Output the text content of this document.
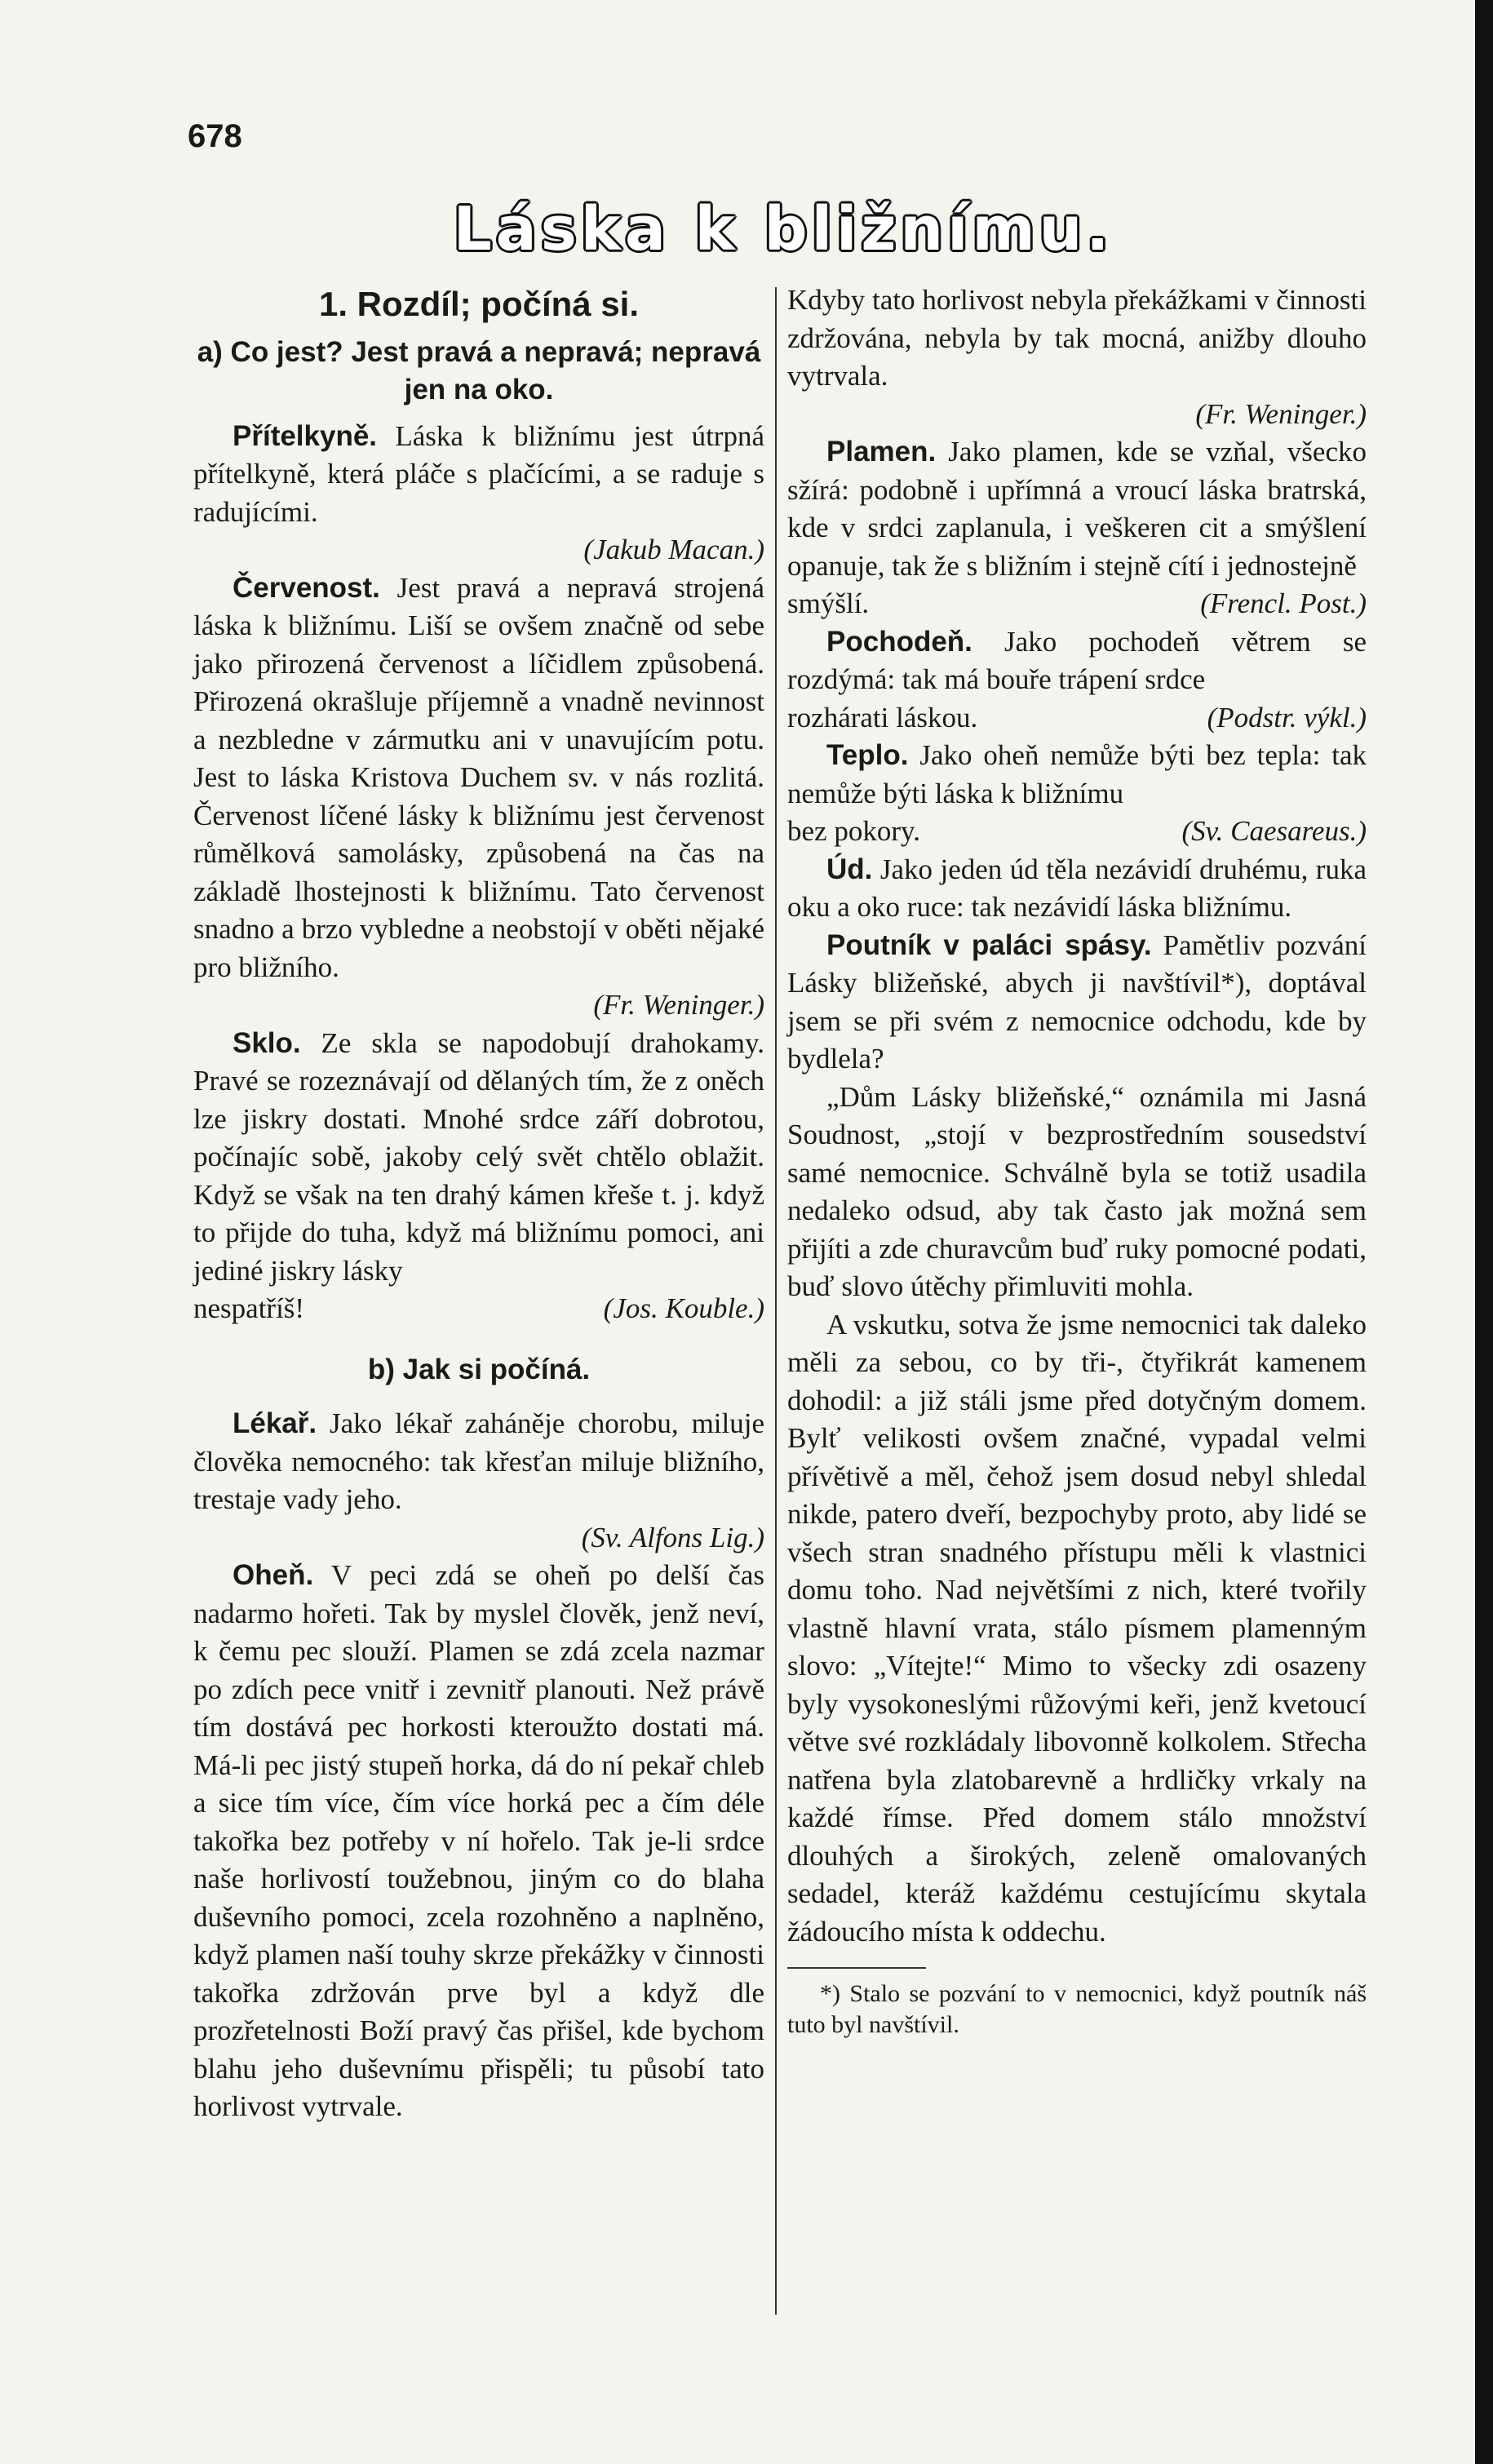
678
Láska k bližnímu.

1. Rozdíl; počíná si.

a) Co jest? Jest pravá a nepravá; nepravá jen na oko.

Přítelkyně. Láska k bližnímu jest útrpná přítelkyně, která pláče s plačícími, a se raduje s radujícími.

(Jakub Macan.)

Červenost. Jest pravá a nepravá strojená láska k bližnímu. Liší se ovšem značně od sebe jako přirozená červenost a líčidlem způsobená. Přirozená okrašluje příjemně a vnadně nevinnost a nezbledne v zármutku ani v unavujícím potu. Jest to láska Kristova Duchem sv. v nás rozlitá. Červenost líčené lásky k bližnímu jest červenost růmělková samolásky, způsobená na čas na základě lhostejnosti k bližnímu. Tato červenost snadno a brzo vybledne a neobstojí v oběti nějaké pro bližního.

(Fr. Weninger.)

Sklo. Ze skla se napodobují drahokamy. Pravé se rozeznávají od dělaných tím, že z oněch lze jiskry dostati. Mnohé srdce září dobrotou, počínajíc sobě, jakoby celý svět chtělo oblažit. Když se však na ten drahý kámen křeše t. j. když to přijde do tuha, když má bližnímu pomoci, ani jediné jiskry lásky

nespatříš!	(Jos. Kouble.)

b) Jak si počíná.

Lékař. Jako lékař zaháněje chorobu, miluje člověka nemocného: tak křesťan miluje bližního, trestaje vady jeho.

(Sv. Alfons Lig.)

Oheň. V peci zdá se oheň po delší čas nadarmo hořeti. Tak by myslel člověk, jenž neví, k čemu pec slouží. Plamen se zdá zcela nazmar po zdích pece vnitř i zevnitř planouti. Než právě tím dostává pec horkosti kteroužto dostati má. Má-li pec jistý stupeň horka, dá do ní pekař chleb a sice tím více, čím více horká pec a čím déle takořka bez potřeby v ní hořelo. Tak je-li srdce naše horlivostí toužebnou, jiným co do blaha duševního pomoci, zcela rozohněno a naplněno, když plamen naší touhy skrze překážky v činnosti takořka zdržován prve byl a když dle prozřetelnosti Boží pravý čas přišel, kde bychom blahu jeho duševnímu přispěli; tu působí tato horlivost vytrvale.

Kdyby tato horlivost nebyla překážkami v činnosti zdržována, nebyla by tak mocná, anižby dlouho vytrvala.

(Fr. Weninger.)

Plamen. Jako plamen, kde se vzňal, všecko sžírá: podobně i upřímná a vroucí láska bratrská, kde v srdci zaplanula, i veškeren cit a smýšlení opanuje, tak že s bližním i stejně cítí i jednostejně

smýšlí.	(Frencl. Post.)

Pochodeň. Jako pochodeň větrem se rozdýmá: tak má bouře trápení srdce

rozhárati láskou.	(Podstr. výkl.)

Teplo. Jako oheň nemůže býti bez tepla: tak nemůže býti láska k bližnímu

bez pokory.	(Sv. Caesareus.)

Úd. Jako jeden úd těla nezávidí druhému, ruka oku a oko ruce: tak nezávidí láska bližnímu.

Poutník v paláci spásy. Pamětliv pozvání Lásky bližeňské, abych ji navštívil*), doptával jsem se při svém z nemocnice odchodu, kde by bydlela?

„Dům Lásky bližeňské,“ oznámila mi Jasná Soudnost, „stojí v bezprostředním sousedství samé nemocnice. Schválně byla se totiž usadila nedaleko odsud, aby tak často jak možná sem přijíti a zde churavcům buď ruky pomocné podati, buď slovo útěchy přimluviti mohla.

A vskutku, sotva že jsme nemocnici tak daleko měli za sebou, co by tři-, čtyřikrát kamenem dohodil: a již stáli jsme před dotyčným domem. Bylť velikosti ovšem značné, vypadal velmi přívětivě a měl, čehož jsem dosud nebyl shledal nikde, patero dveří, bezpochyby proto, aby lidé se všech stran snadného přístupu měli k vlastnici domu toho. Nad největšími z nich, které tvořily vlastně hlavní vrata, stálo písmem plamenným slovo: „Vítejte!“ Mimo to všecky zdi osazeny byly vysokoneslými růžovými keři, jenž kvetoucí větve své rozkládaly libovonně kolkolem. Střecha natřena byla zlatobarevně a hrdličky vrkaly na každé římse. Před domem stálo množství dlouhých a širokých, zeleně omalovaných sedadel, kteráž každému cestujícímu skytala žádoucího místa k oddechu.

*) Stalo se pozvání to v nemocnici, když poutník náš tuto byl navštívil.
